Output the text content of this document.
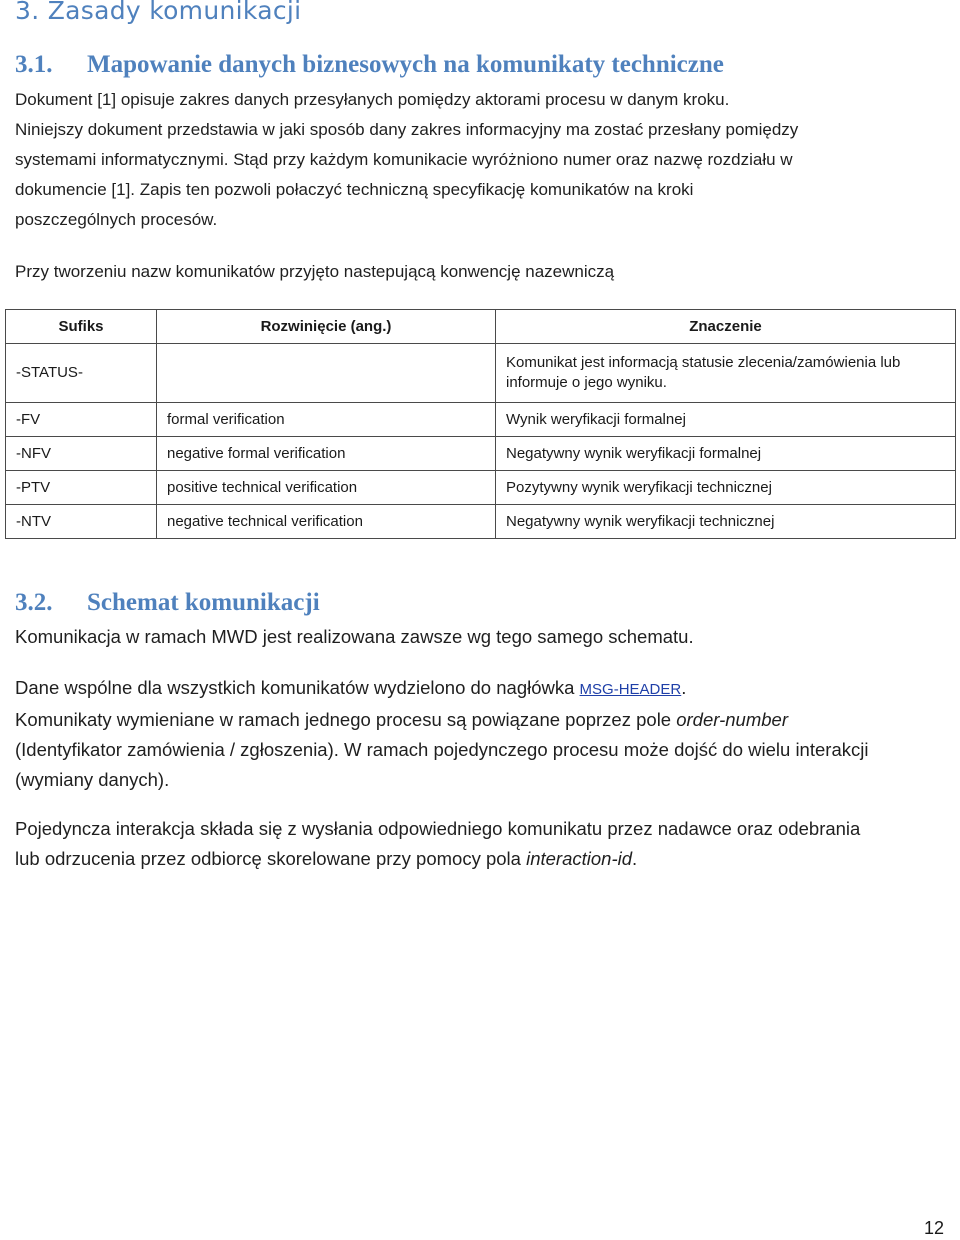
3. Zasady komunikacji
3.1. Mapowanie danych biznesowych na komunikaty techniczne
Dokument [1] opisuje zakres danych przesyłanych pomiędzy aktorami procesu w danym kroku.
Niniejszy dokument przedstawia w jaki sposób dany zakres informacyjny ma zostać przesłany pomiędzy
systemami informatycznymi. Stąd przy każdym komunikacie wyróżniono numer oraz nazwę rozdziału w
dokumencie [1]. Zapis ten pozwoli połaczyć techniczną specyfikację komunikatów na kroki
poszczególnych procesów.
Przy tworzeniu nazw komunikatów przyjęto nastepującą konwencję nazewniczą
Sufiks	Rozwinięcie (ang.)	Znaczenie
-STATUS-		Komunikat jest informacją statusie zlecenia/zamówienia lub informuje o jego wyniku.
-FV	formal verification	Wynik weryfikacji formalnej
-NFV	negative formal verification	Negatywny wynik weryfikacji formalnej
-PTV	positive technical verification	Pozytywny wynik weryfikacji technicznej
-NTV	negative technical verification	Negatywny wynik weryfikacji technicznej
3.2. Schemat komunikacji
Komunikacja w ramach MWD jest realizowana zawsze wg tego samego schematu.
Dane wspólne dla wszystkich komunikatów wydzielono do nagłówka MSG-HEADER.
Komunikaty wymieniane w ramach jednego procesu są powiązane poprzez pole order-number
(Identyfikator zamówienia / zgłoszenia). W ramach pojedynczego procesu może dojść do wielu interakcji
(wymiany danych).
Pojedyncza interakcja składa się z wysłania odpowiedniego komunikatu przez nadawce oraz odebrania
lub odrzucenia przez odbiorcę skorelowane przy pomocy pola interaction-id.
12
